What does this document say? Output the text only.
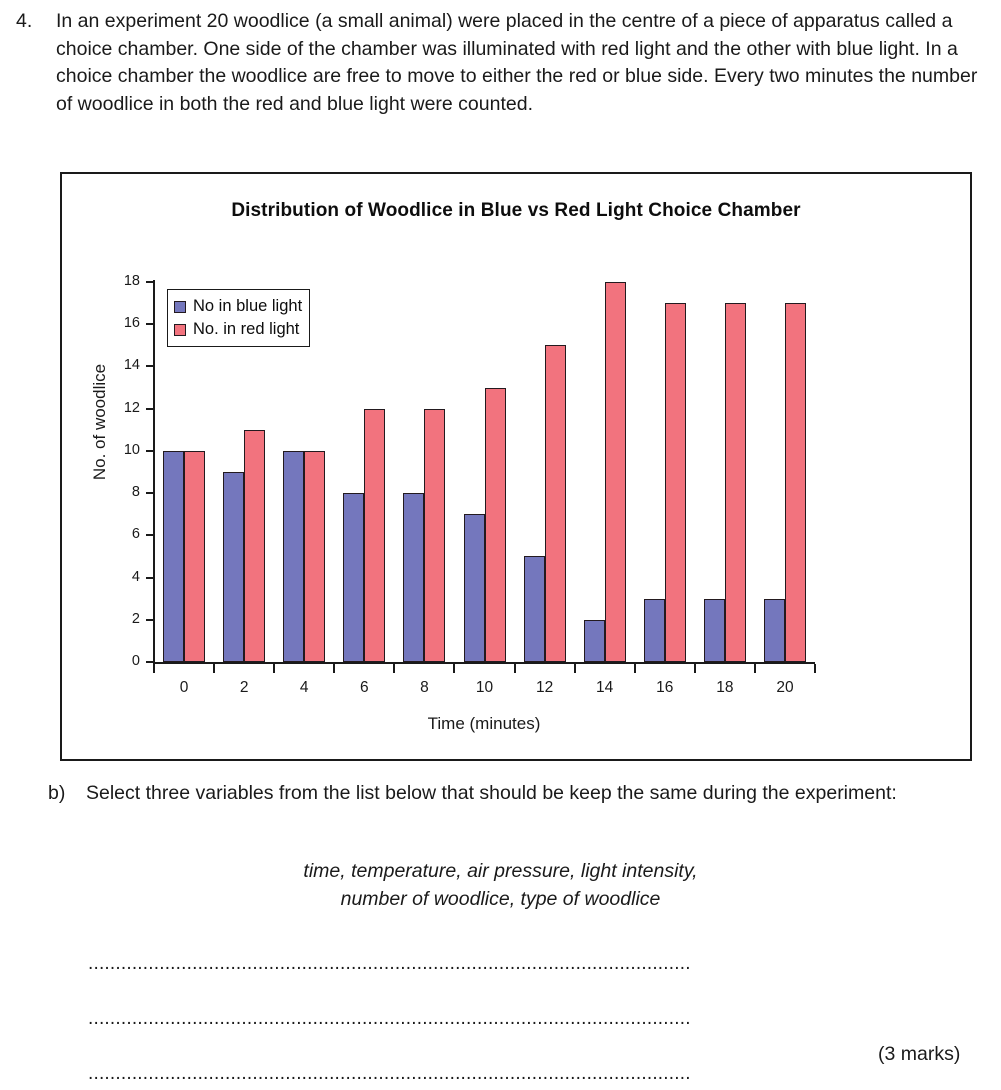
4.	In an experiment 20 woodlice (a small animal) were placed in the centre of a piece of apparatus called a choice chamber. One side of the chamber was illuminated with red light and the other with blue light. In a choice chamber the woodlice are free to move to either the red or blue side. Every two minutes the number of woodlice in both the red and blue light were counted.
Distribution of Woodlice in Blue vs Red Light Choice Chamber
0
2
4
6
8
10
12
14
16
18
0	2	4	6	8	10	12	14	16	18	20
No. of woodlice
Time (minutes)
No in blue light
No. in red light
b)	Select three variables from the list below that should be keep the same during the experiment:
time, temperature, air pressure, light intensity,
number of woodlice, type of woodlice
..............................................................................................................
..............................................................................................................
..............................................................................................................
(3 marks)
